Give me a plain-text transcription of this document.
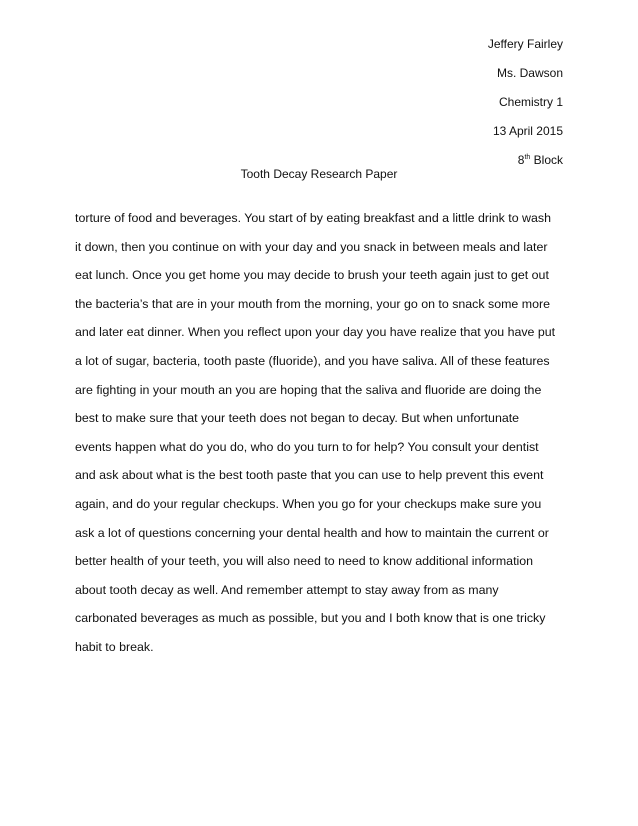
Jeffery Fairley
Ms. Dawson
Chemistry 1
13 April 2015
8th Block
Tooth Decay Research Paper
torture of food and beverages. You start of by eating breakfast and a little drink to wash
it down, then you continue on with your day and you snack in between meals and later
eat lunch. Once you get home you may decide to brush your teeth again just to get out
the bacteria’s that are in your mouth from the morning, your go on to snack some more
and later eat dinner. When you reflect upon your day you have realize that you have put
a lot of sugar, bacteria, tooth paste (fluoride), and you have saliva. All of these features
are fighting in your mouth an you are hoping that the saliva and fluoride are doing the
best to make sure that your teeth does not began to decay. But when unfortunate
events happen what do you do, who do you turn to for help? You consult your dentist
and ask about what is the best tooth paste that you can use to help prevent this event
again, and do your regular checkups. When you go for your checkups make sure you
ask a lot of questions concerning your dental health and how to maintain the current or
better health of your teeth, you will also need to need to know additional information
about tooth decay as well. And remember attempt to stay away from as many
carbonated beverages as much as possible, but you and I both know that is one tricky
habit to break.
